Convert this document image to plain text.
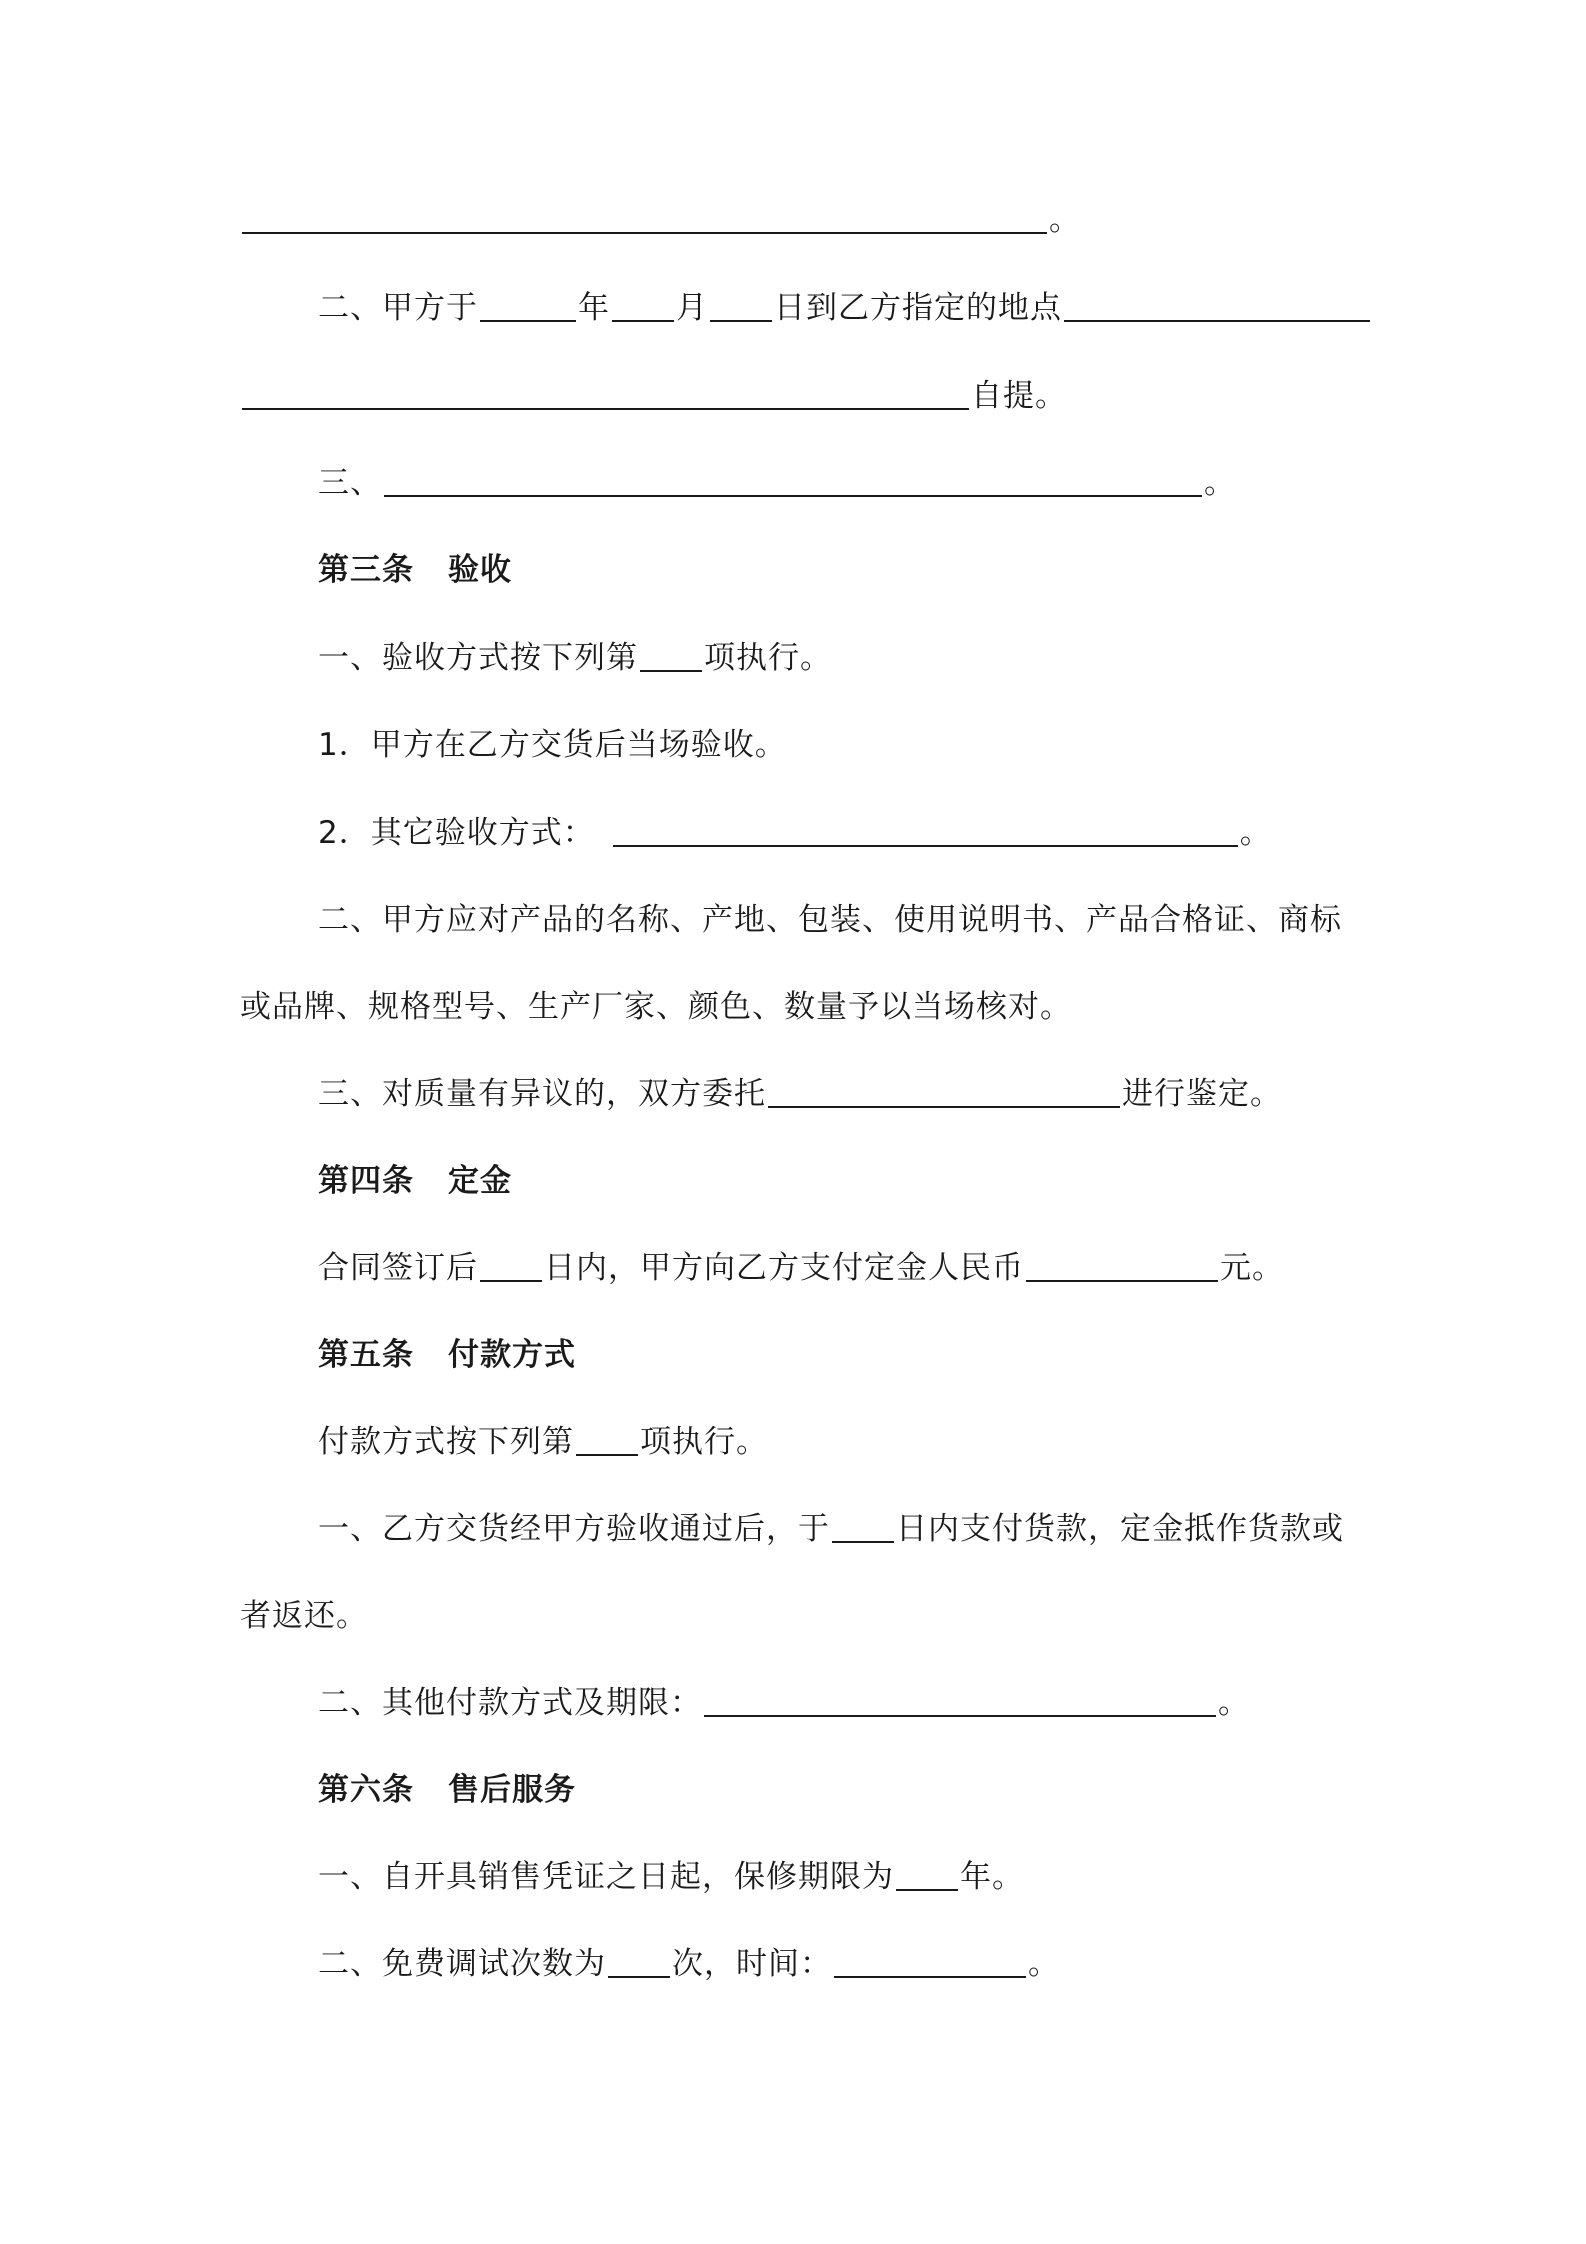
。
二、甲方于	年 月 日到乙方指定的地点
自提。
三、	。
第三条 验收
一、验收方式按下列第 项执行。
1．甲方在乙方交货后当场验收。
2．其它验收方式：	。
二、甲方应对产品的名称、产地、包装、使用说明书、产品合格证、商标
或品牌、规格型号、生产厂家、颜色、数量予以当场核对。
三、对质量有异议的，双方委托	进行鉴定。
第四条 定金
合同签订后 日内，甲方向乙方支付定金人民币	元。
第五条 付款方式
付款方式按下列第 项执行。
一、乙方交货经甲方验收通过后，于 日内支付货款，定金抵作货款或
者返还。
二、其他付款方式及期限：	。
第六条 售后服务
一、自开具销售凭证之日起，保修期限为 年。
二、免费调试次数为 次，时间：	。
